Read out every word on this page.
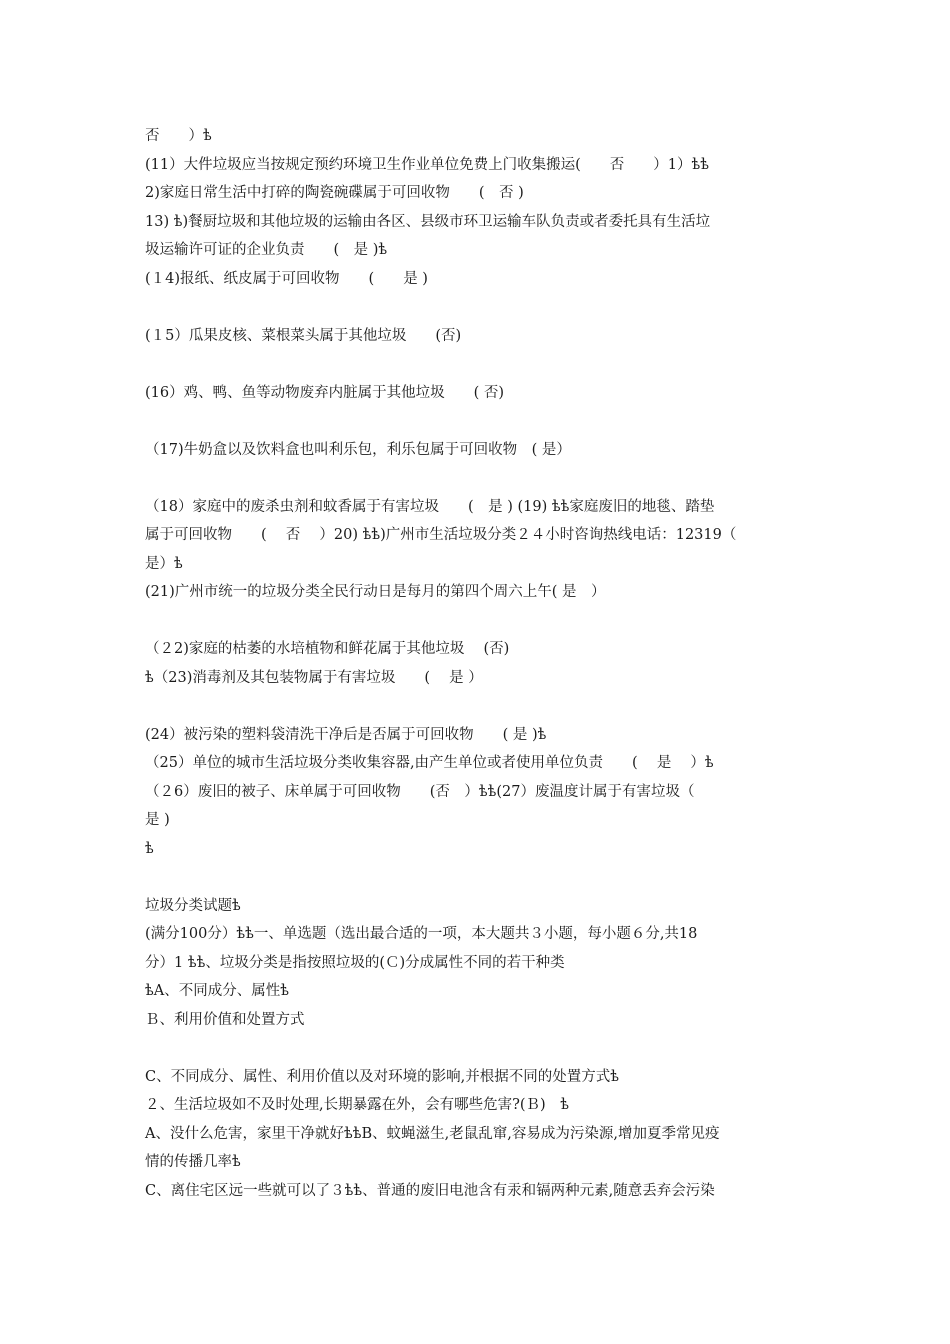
否　　）ѣ
(11）大件垃圾应当按规定预约环境卫生作业单位免费上门收集搬运(　　否　　）1）ѣѣ
2)家庭日常生活中打碎的陶瓷碗碟属于可回收物　　(　否 )
13) ѣ)餐厨垃圾和其他垃圾的运输由各区、县级市环卫运输车队负责或者委托具有生活垃
圾运输许可证的企业负责　　(　是 )ѣ
(１4)报纸、纸皮属于可回收物　　(　　是 )
(１5）瓜果皮核、菜根菜头属于其他垃圾　　(否)
(16）鸡、鸭、鱼等动物废弃内脏属于其他垃圾　　( 否)
（17)牛奶盒以及饮料盒也叫利乐包，利乐包属于可回收物　( 是）
（18）家庭中的废杀虫剂和蚊香属于有害垃圾　　(　是 ) (19) ѣѣ家庭废旧的地毯、踏垫
属于可回收物　　(　 否　 ）20) ѣѣ)广州市生活垃圾分类２４小时咨询热线电话：12319（
是）ѣ
(21)广州市统一的垃圾分类全民行动日是每月的第四个周六上午( 是　）
（２2)家庭的枯萎的水培植物和鲜花属于其他垃圾　 (否)
ѣ（23)消毒剂及其包装物属于有害垃圾　　(　 是 ）
(24）被污染的塑料袋清洗干净后是否属于可回收物　　( 是 )ѣ
（25）单位的城市生活垃圾分类收集容器,由产生单位或者使用单位负责　　(　 是　 ）ѣ
（２6）废旧的被子、床单属于可回收物　　(否　）ѣѣ(27）废温度计属于有害垃圾（
是 )
ѣ
垃圾分类试题ѣ
(满分100分）ѣѣ一、单选题（选出最合适的一项，本大题共３小题，每小题６分,共18
分）1 ѣѣ、垃圾分类是指按照垃圾的(Ｃ)分成属性不同的若干种类
ѣA、不同成分、属性ѣ
Ｂ、利用价值和处置方式
C、不同成分、属性、利用价值以及对环境的影响,并根据不同的处置方式ѣ
２、生活垃圾如不及时处理,长期暴露在外，会有哪些危害?(Ｂ)　ѣ
A、没什么危害，家里干净就好ѣѣB、蚊蝇滋生,老鼠乱窜,容易成为污染源,增加夏季常见疫
情的传播几率ѣ
C、离住宅区远一些就可以了３ѣѣ、普通的废旧电池含有汞和镉两种元素,随意丢弃会污染
